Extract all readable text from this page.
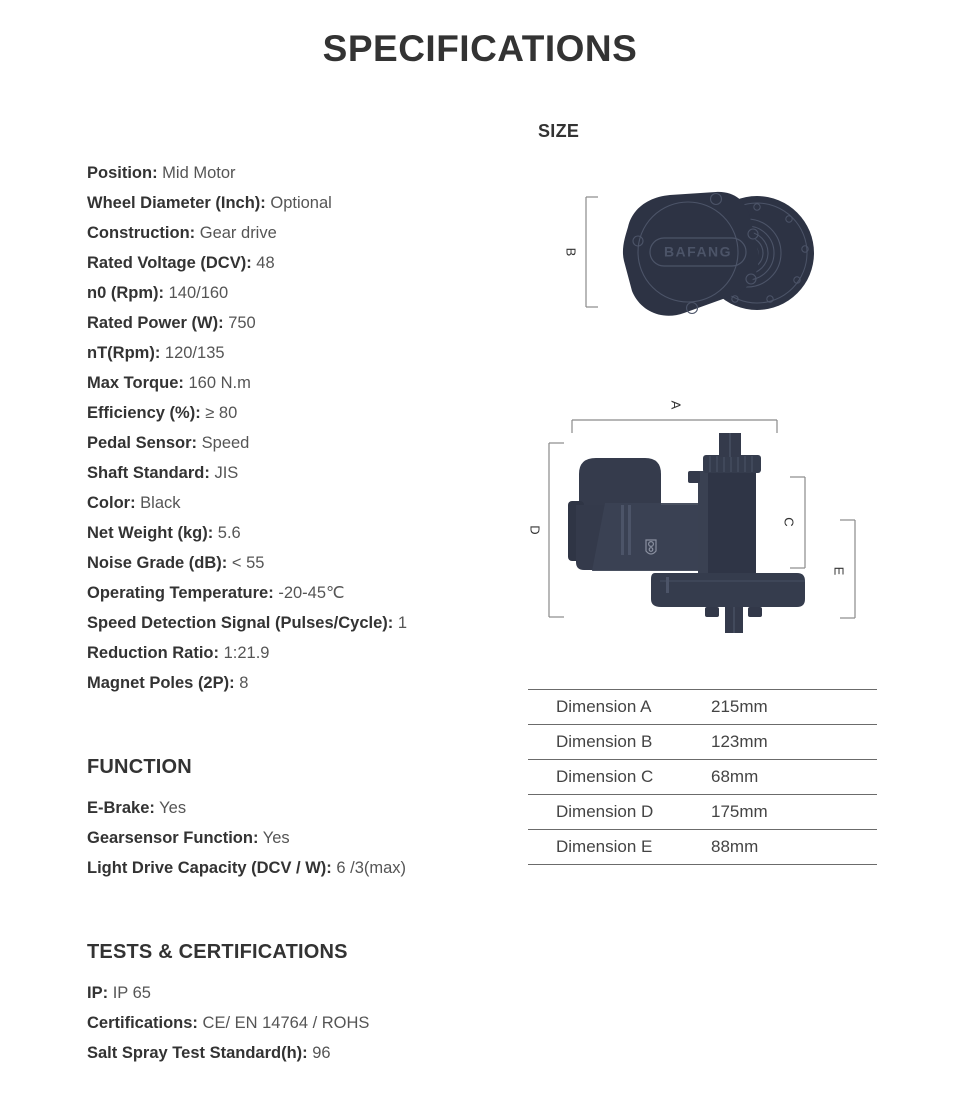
SPECIFICATIONS
Position: Mid Motor
Wheel Diameter (Inch): Optional
Construction: Gear drive
Rated Voltage (DCV): 48
n0 (Rpm): 140/160
Rated Power (W): 750
nT(Rpm): 120/135
Max Torque: 160 N.m
Efficiency (%): ≥ 80
Pedal Sensor: Speed
Shaft Standard: JIS
Color: Black
Net Weight (kg): 5.6
Noise Grade (dB): < 55
Operating Temperature: -20-45℃
Speed Detection Signal (Pulses/Cycle): 1
Reduction Ratio: 1:21.9
Magnet Poles (2P): 8
FUNCTION
E-Brake: Yes
Gearsensor Function: Yes
Light Drive Capacity (DCV / W): 6 /3(max)
TESTS & CERTIFICATIONS
IP: IP 65
Certifications: CE/ EN 14764 / ROHS
Salt Spray Test Standard(h): 96
SIZE
B	BAFANG
A
D
C
E
Dimension A	215mm
Dimension B	123mm
Dimension C	68mm
Dimension D	175mm
Dimension E	88mm
